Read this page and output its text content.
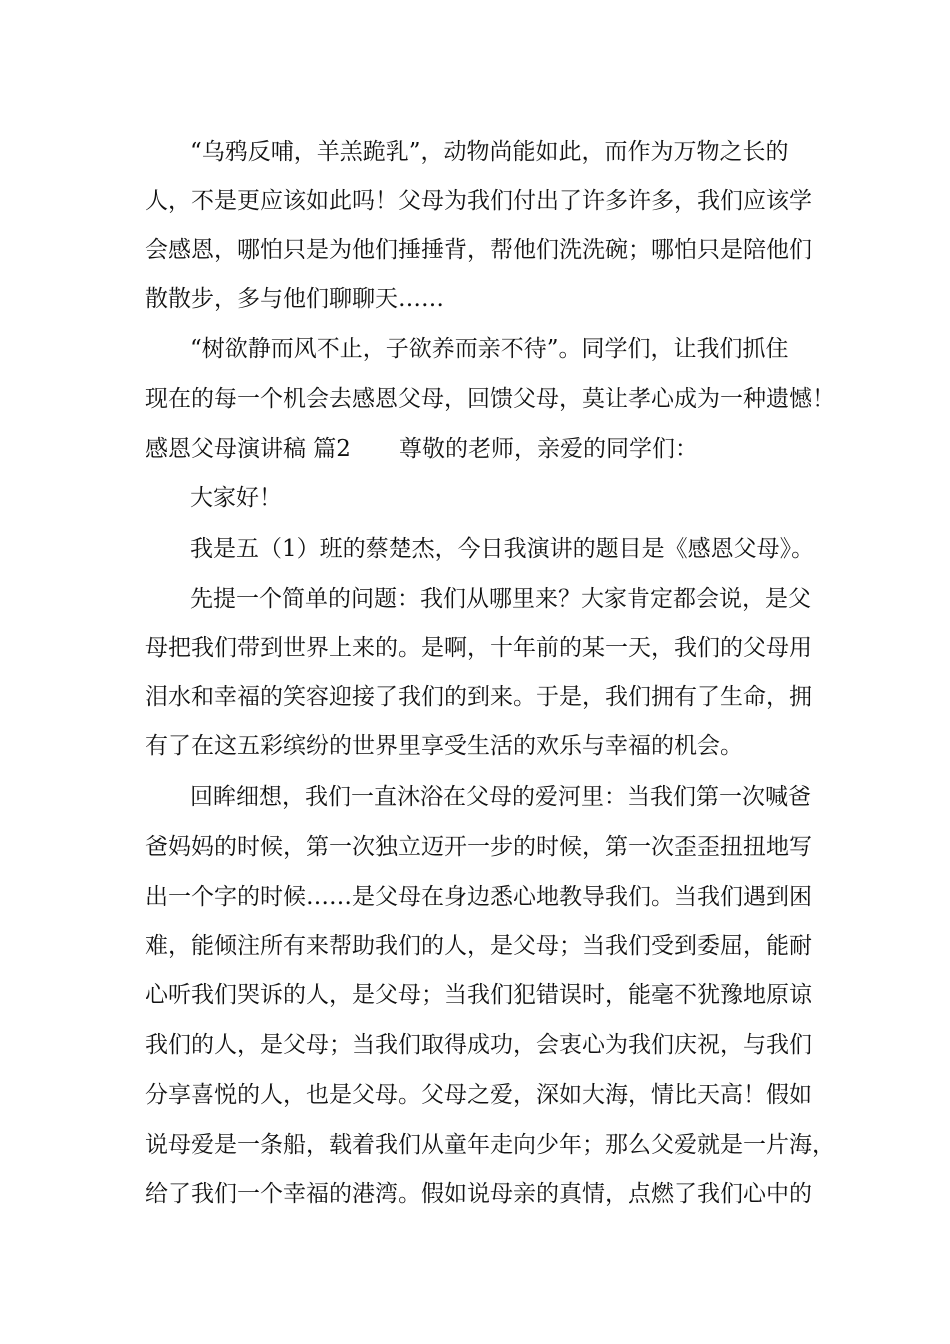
“乌鸦反哺，羊羔跪乳”，动物尚能如此，而作为万物之长的
人，不是更应该如此吗！父母为我们付出了许多许多，我们应该学
会感恩，哪怕只是为他们捶捶背，帮他们洗洗碗；哪怕只是陪他们
散散步，多与他们聊聊天……
“树欲静而风不止，子欲养而亲不待”。同学们，让我们抓住
现在的每一个机会去感恩父母，回馈父母，莫让孝心成为一种遗憾！
感恩父母演讲稿 篇2 尊敬的老师，亲爱的同学们：
大家好！
我是五（1）班的蔡楚杰，今日我演讲的题目是《感恩父母》。
先提一个简单的问题：我们从哪里来？大家肯定都会说，是父
母把我们带到世界上来的。是啊，十年前的某一天，我们的父母用
泪水和幸福的笑容迎接了我们的到来。于是，我们拥有了生命，拥
有了在这五彩缤纷的世界里享受生活的欢乐与幸福的机会。
回眸细想，我们一直沐浴在父母的爱河里：当我们第一次喊爸
爸妈妈的时候，第一次独立迈开一步的时候，第一次歪歪扭扭地写
出一个字的时候……是父母在身边悉心地教导我们。当我们遇到困
难，能倾注所有来帮助我们的人，是父母；当我们受到委屈，能耐
心听我们哭诉的人，是父母；当我们犯错误时，能毫不犹豫地原谅
我们的人，是父母；当我们取得成功，会衷心为我们庆祝，与我们
分享喜悦的人，也是父母。父母之爱，深如大海，情比天高！假如
说母爱是一条船，载着我们从童年走向少年；那么父爱就是一片海，
给了我们一个幸福的港湾。假如说母亲的真情，点燃了我们心中的
